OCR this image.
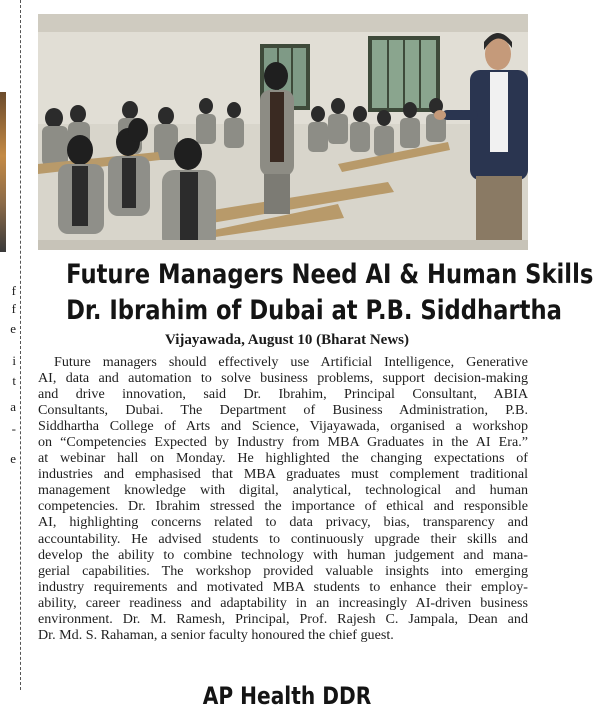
f
f
e
i
t
a
-
e
Future Managers Need AI & Human Skills
Dr. Ibrahim of Dubai at P.B. Siddhartha
Vijayawada, August 10 (Bharat News)
Future managers should effectively use Artificial Intelligence, Generative
AI, data and automation to solve business problems, support decision-making
and drive innovation, said Dr. Ibrahim, Principal Consultant, ABIA
Consultants, Dubai. The Department of Business Administration, P.B.
Siddhartha College of Arts and Science, Vijayawada, organised a workshop
on “Competencies Expected by Industry from MBA Graduates in the AI Era.”
at webinar hall on Monday. He highlighted the changing expectations of
industries and emphasised that MBA graduates must complement traditional
management knowledge with digital, analytical, technological and human
competencies. Dr. Ibrahim stressed the importance of ethical and responsible
AI, highlighting concerns related to data privacy, bias, transparency and
accountability. He advised students to continuously upgrade their skills and
develop the ability to combine technology with human judgement and mana-
gerial capabilities. The workshop provided valuable insights into emerging
industry requirements and motivated MBA students to enhance their employ-
ability, career readiness and adaptability in an increasingly AI-driven business
environment. Dr. M. Ramesh, Principal, Prof. Rajesh C. Jampala, Dean and
Dr. Md. S. Rahaman, a senior faculty honoured the chief guest.
AP Health DDR
